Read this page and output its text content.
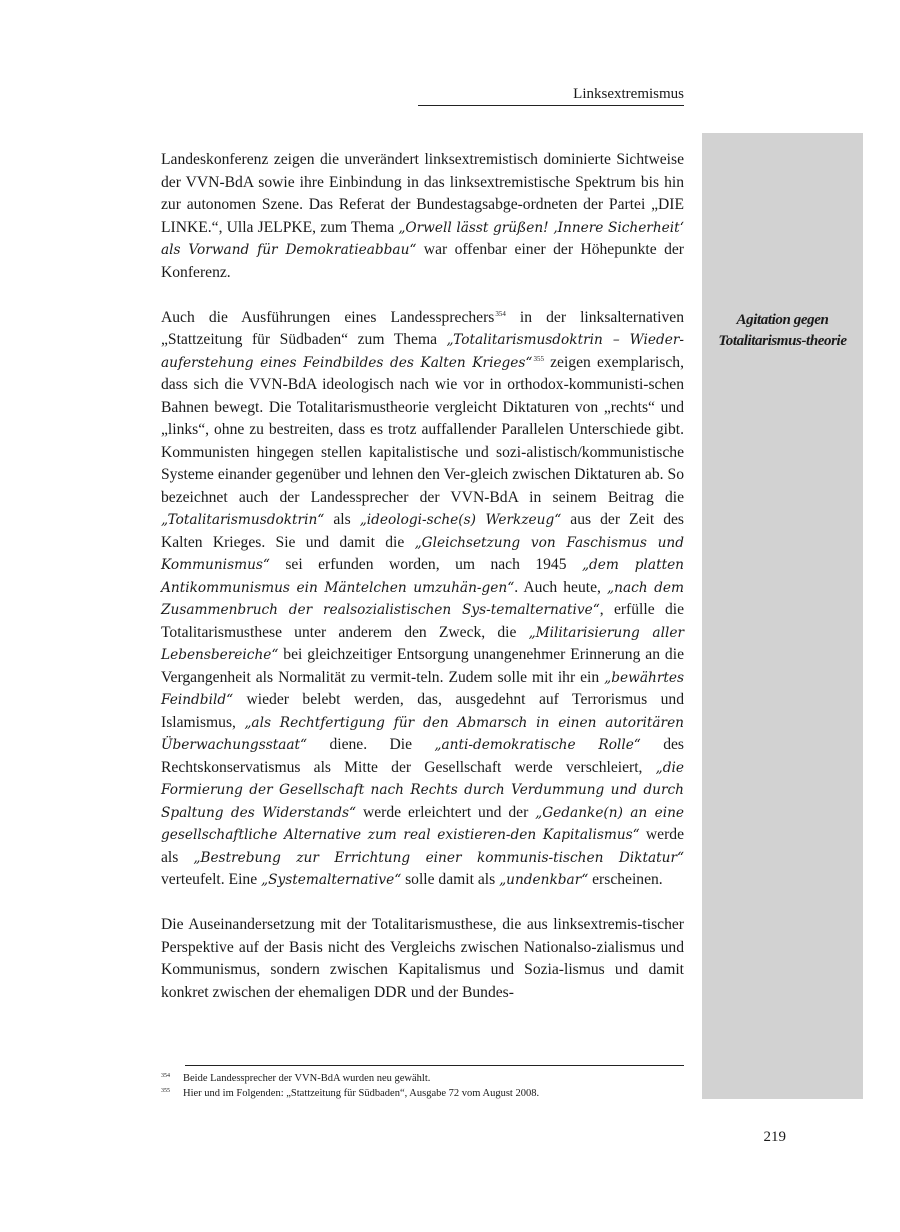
Linksextremismus
Agitation gegen Totalitarismus-theorie

Landeskonferenz zeigen die unverändert linksextremistisch dominierte Sichtweise der VVN-BdA sowie ihre Einbindung in das linksextremistische Spektrum bis hin zur autonomen Szene. Das Referat der Bundestagsabge-ordneten der Partei „DIE LINKE.“, Ulla JELPKE, zum Thema „Orwell lässt grüßen! ‚Innere Sicherheit‘ als Vorwand für Demokratieabbau“ war offenbar einer der Höhepunkte der Konferenz.

Auch die Ausführungen eines Landessprechers$^{354}$ in der linksalternativen „Stattzeitung für Südbaden“ zum Thema „Totalitarismusdoktrin – Wieder-auferstehung eines Feindbildes des Kalten Krieges“$^{355}$ zeigen exemplarisch, dass sich die VVN-BdA ideologisch nach wie vor in orthodox-kommunisti-schen Bahnen bewegt. Die Totalitarismustheorie vergleicht Diktaturen von „rechts“ und „links“, ohne zu bestreiten, dass es trotz auffallender Parallelen Unterschiede gibt. Kommunisten hingegen stellen kapitalistische und sozi-alistisch/kommunistische Systeme einander gegenüber und lehnen den Ver-gleich zwischen Diktaturen ab. So bezeichnet auch der Landessprecher der VVN-BdA in seinem Beitrag die „Totalitarismusdoktrin“ als „ideologi-sche(s) Werkzeug“ aus der Zeit des Kalten Krieges. Sie und damit die „Gleichsetzung von Faschismus und Kommunismus“ sei erfunden worden, um nach 1945 „dem platten Antikommunismus ein Mäntelchen umzuhän-gen“. Auch heute, „nach dem Zusammenbruch der realsozialistischen Sys-temalternative“, erfülle die Totalitarismusthese unter anderem den Zweck, die „Militarisierung aller Lebensbereiche“ bei gleichzeitiger Entsorgung unangenehmer Erinnerung an die Vergangenheit als Normalität zu vermit-teln. Zudem solle mit ihr ein „bewährtes Feindbild“ wieder belebt werden, das, ausgedehnt auf Terrorismus und Islamismus, „als Rechtfertigung für den Abmarsch in einen autoritären Überwachungsstaat“ diene. Die „anti-demokratische Rolle“ des Rechtskonservatismus als Mitte der Gesellschaft werde verschleiert, „die Formierung der Gesellschaft nach Rechts durch Verdummung und durch Spaltung des Widerstands“ werde erleichtert und der „Gedanke(n) an eine gesellschaftliche Alternative zum real existieren-den Kapitalismus“ werde als „Bestrebung zur Errichtung einer kommunis-tischen Diktatur“ verteufelt. Eine „Systemalternative“ solle damit als „undenkbar“ erscheinen.

Die Auseinandersetzung mit der Totalitarismusthese, die aus linksextremis-tischer Perspektive auf der Basis nicht des Vergleichs zwischen Nationalso-zialismus und Kommunismus, sondern zwischen Kapitalismus und Sozia-lismus und damit konkret zwischen der ehemaligen DDR und der Bundes-

354	Beide Landessprecher der VVN-BdA wurden neu gewählt.
355	Hier und im Folgenden: „Stattzeitung für Südbaden“, Ausgabe 72 vom August 2008.
219
